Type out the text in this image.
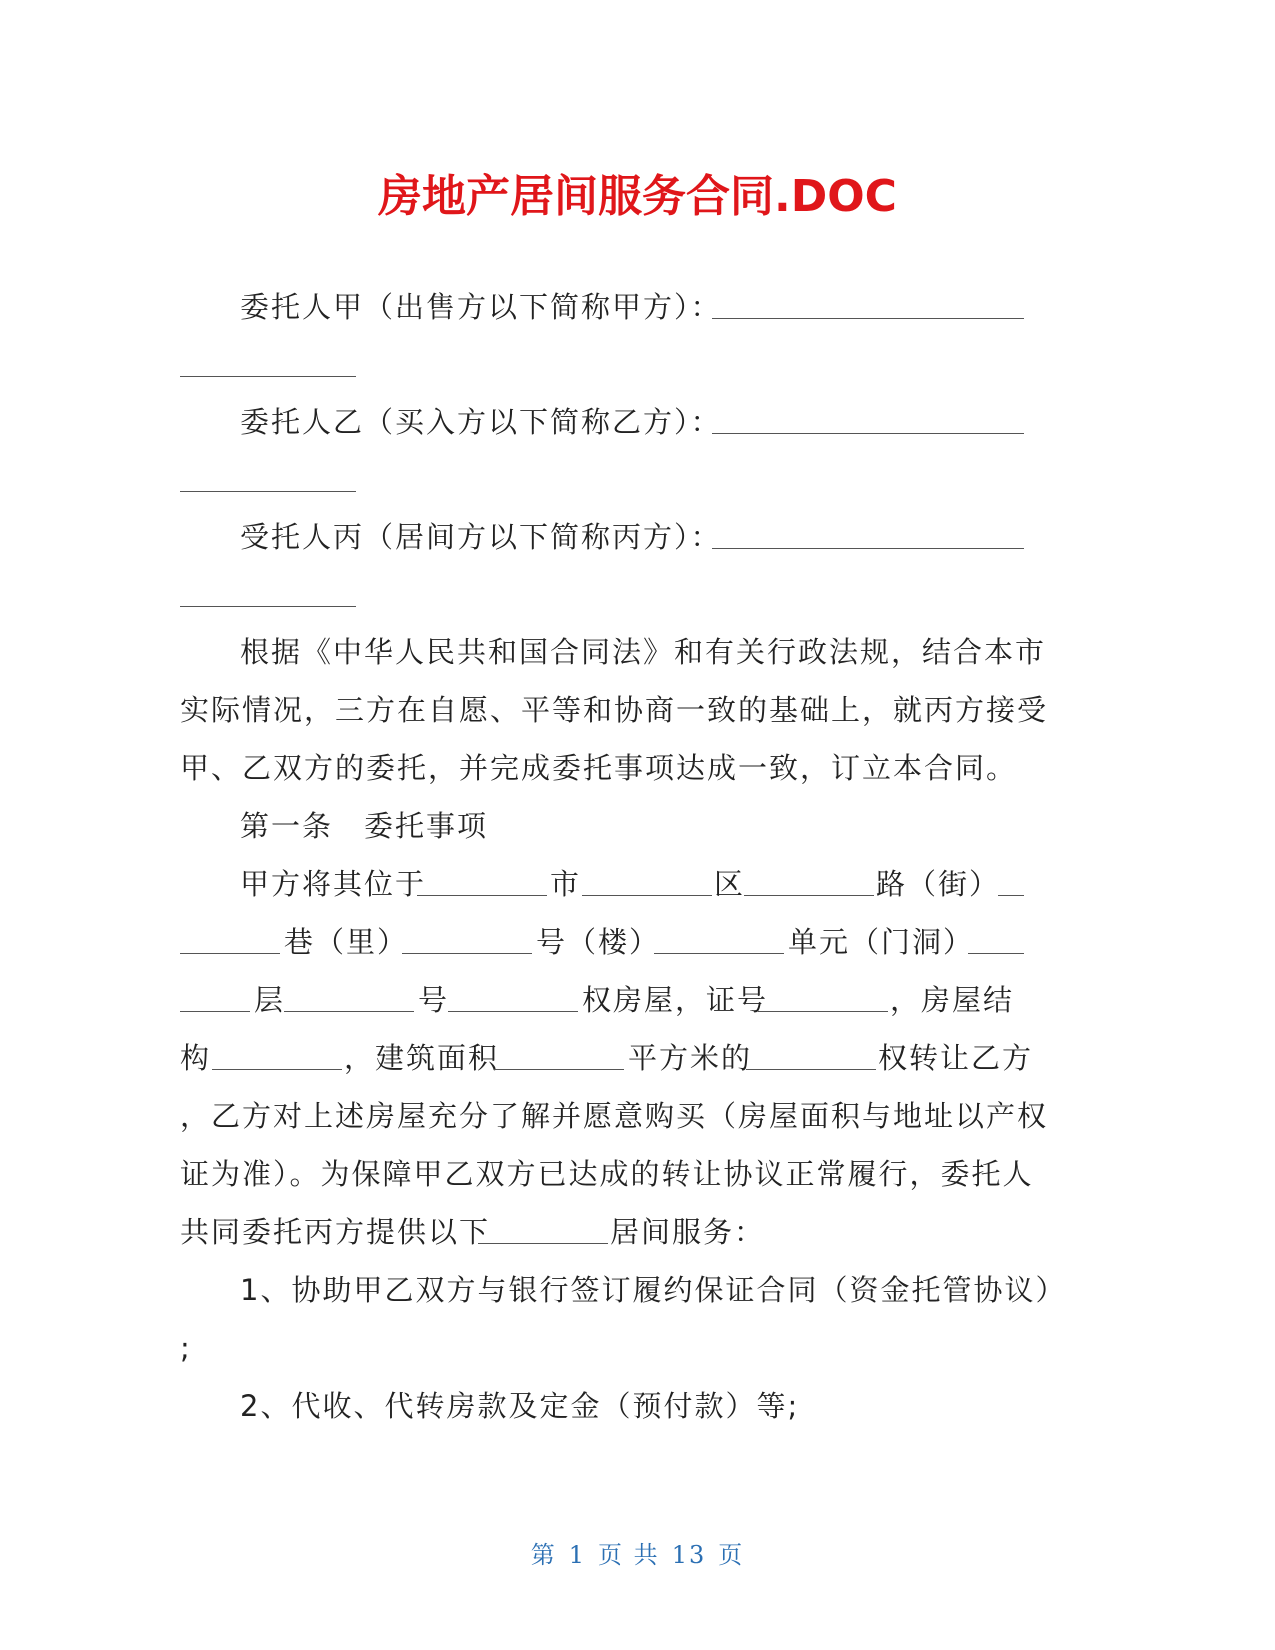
房地产居间服务合同.DOC
委托人甲（出售方以下简称甲方）：
委托人乙（买入方以下简称乙方）：
受托人丙（居间方以下简称丙方）：
根据《中华人民共和国合同法》和有关行政法规，结合本市
实际情况，三方在自愿、平等和协商一致的基础上，就丙方接受
甲、乙双方的委托，并完成委托事项达成一致，订立本合同。
第一条　委托事项
甲方将其位于	市	区	路（街）
巷（里）	号（楼）	单元（门洞）
层	号	权房屋，证号	，房屋结
构	，建筑面积	平方米的	权转让乙方
，乙方对上述房屋充分了解并愿意购买（房屋面积与地址以产权
证为准）。为保障甲乙双方已达成的转让协议正常履行，委托人
共同委托丙方提供以下	居间服务：
1、协助甲乙双方与银行签订履约保证合同（资金托管协议）
;
2、代收、代转房款及定金（预付款）等;
第 1 页 共 13 页
